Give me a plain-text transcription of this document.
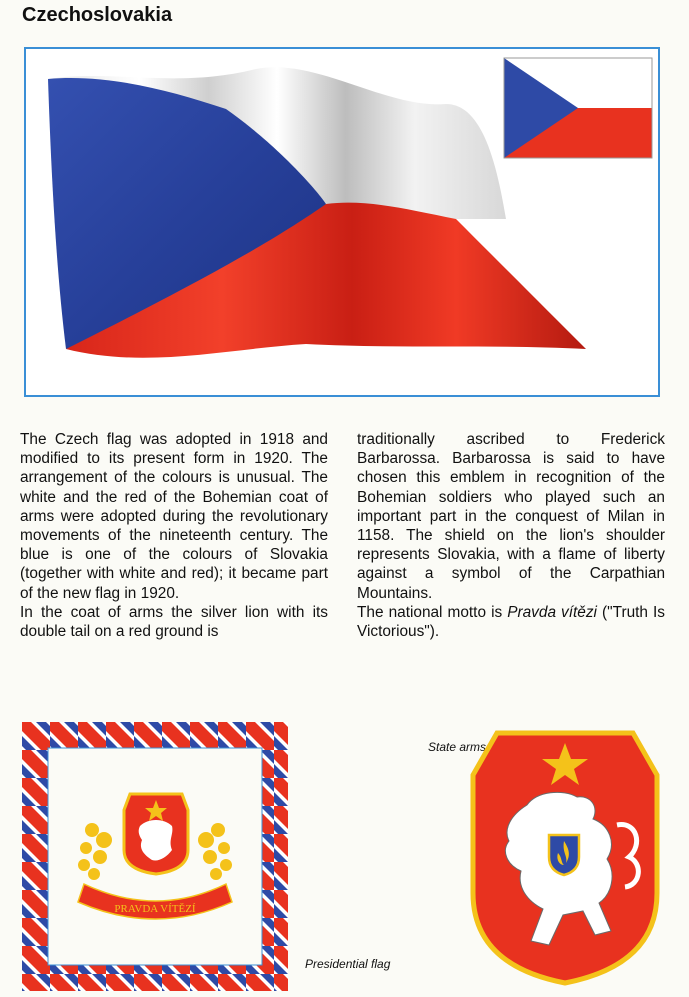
Czechoslovakia

The Czech flag was adopted in 1918 and modified to its present form in 1920. The arrangement of the colours is unusual. The white and the red of the Bohemian coat of arms were adopted during the revolutionary movements of the nineteenth century. The blue is one of the colours of Slovakia (together with white and red); it became part of the new flag in 1920.

In the coat of arms the silver lion with its double tail on a red ground is

traditionally ascribed to Frederick Barbarossa. Barbarossa is said to have chosen this emblem in recognition of the Bohemian soldiers who played such an important part in the conquest of Milan in 1158. The shield on the lion's shoulder represents Slovakia, with a flame of liberty against a symbol of the Carpathian Mountains.

The national motto is Pravda vítězi ("Truth Is Victorious").

PRAVDA VÍTĚZÍ
Presidential flag
State arms
